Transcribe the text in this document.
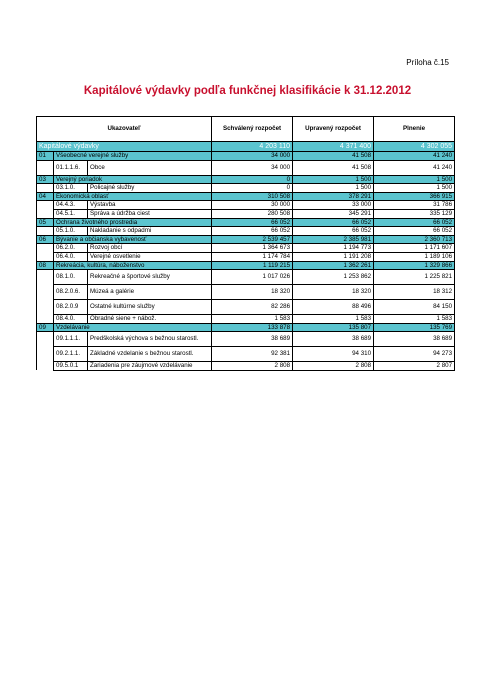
Príloha č.15
Kapitálové výdavky podľa funkčnej klasifikácie k 31.12.2012
Ukazovateľ			Schválený rozpočet	Upravený rozpočet	Plnenie
Kapitálové výdavky			4 203 110	4 371 400	4 302 055
01	Všeobecné verejné služby		34 000	41 508	41 240
	01.1.1.6.	Obce	34 000	41 508	41 240
03	Verejný poriadok		0	1 500	1 500
	03.1.0.	Policajné služby	0	1 500	1 500
04	Ekonomická oblasť		310 508	378 291	366 915
	04.4.3.	Výstavba	30 000	33 000	31 786
	04.5.1.	Správa a údržba ciest	280 508	345 291	335 129
05	Ochrana životného prostredia		66 052	66 052	66 052
	05.1.0.	Nakladanie s odpadmi	66 052	66 052	66 052
06	Bývanie a občianska vybavenosť		2 539 457	2 385 981	2 360 713
	06.2.0.	Rozvoj obcí	1 364 673	1 194 773	1 171 607
	06.4.0.	Verejné osvetlenie	1 174 784	1 191 208	1 189 106
08	Rekreácia, kultúra, náboženstvo		1 119 215	1 362 261	1 329 866
	08.1.0.	Rekreačné a športové služby	1 017 026	1 253 862	1 225 821
	08.2.0.6.	Múzeá a galérie	18 320	18 320	18 312
	08.2.0.9	Ostatné kultúrne služby	82 286	88 496	84 150
	08.4.0.	Obradné siene + nábož.	1 583	1 583	1 583
09	Vzdelávanie		133 878	135 807	135 769
	09.1.1.1.	Predškolská výchova s bežnou starostl.	38 689	38 689	38 689
	09.2.1.1.	Základné vzdelanie s bežnou starostl.	92 381	94 310	94 273
	09.5.0.1	Zariadenia pre záujmové vzdelávanie	2 808	2 808	2 807
